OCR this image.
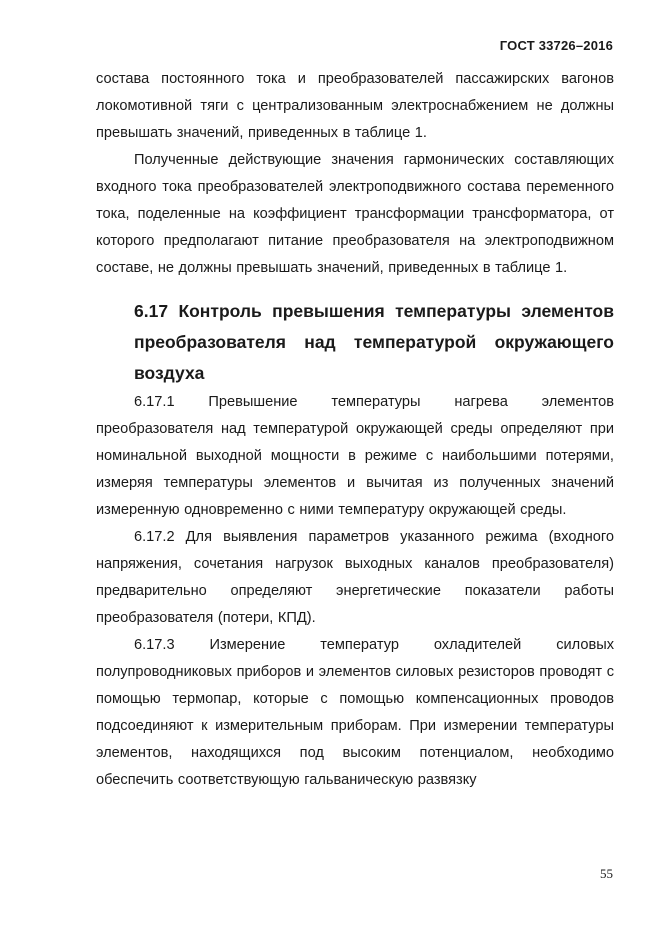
ГОСТ 33726–2016

состава постоянного тока и преобразователей пассажирских вагонов локомотивной тяги с централизованным электроснабжением не должны превышать значений, приведенных в таблице 1.

Полученные действующие значения гармонических составляющих входного тока преобразователей электроподвижного состава переменного тока, поделенные на коэффициент трансформации трансформатора, от которого предполагают питание преобразователя на электроподвижном составе, не должны превышать значений, приведенных в таблице 1.

6.17 Контроль превышения температуры элементов преобразователя над температурой окружающего воздуха

6.17.1 Превышение температуры нагрева элементов преобразователя над температурой окружающей среды определяют при номинальной выходной мощности в режиме с наибольшими потерями, измеряя температуры элементов и вычитая из полученных значений измеренную одновременно с ними температуру окружающей среды.

6.17.2 Для выявления параметров указанного режима (входного напряжения, сочетания нагрузок выходных каналов преобразователя) предварительно определяют энергетические показатели работы преобразователя (потери, КПД).

6.17.3 Измерение температур охладителей силовых полупроводниковых приборов и элементов силовых резисторов проводят с помощью термопар, которые с помощью компенсационных проводов подсоединяют к измерительным приборам. При измерении температуры элементов, находящихся под высоким потенциалом, необходимо обеспечить соответствующую гальваническую развязку

55
